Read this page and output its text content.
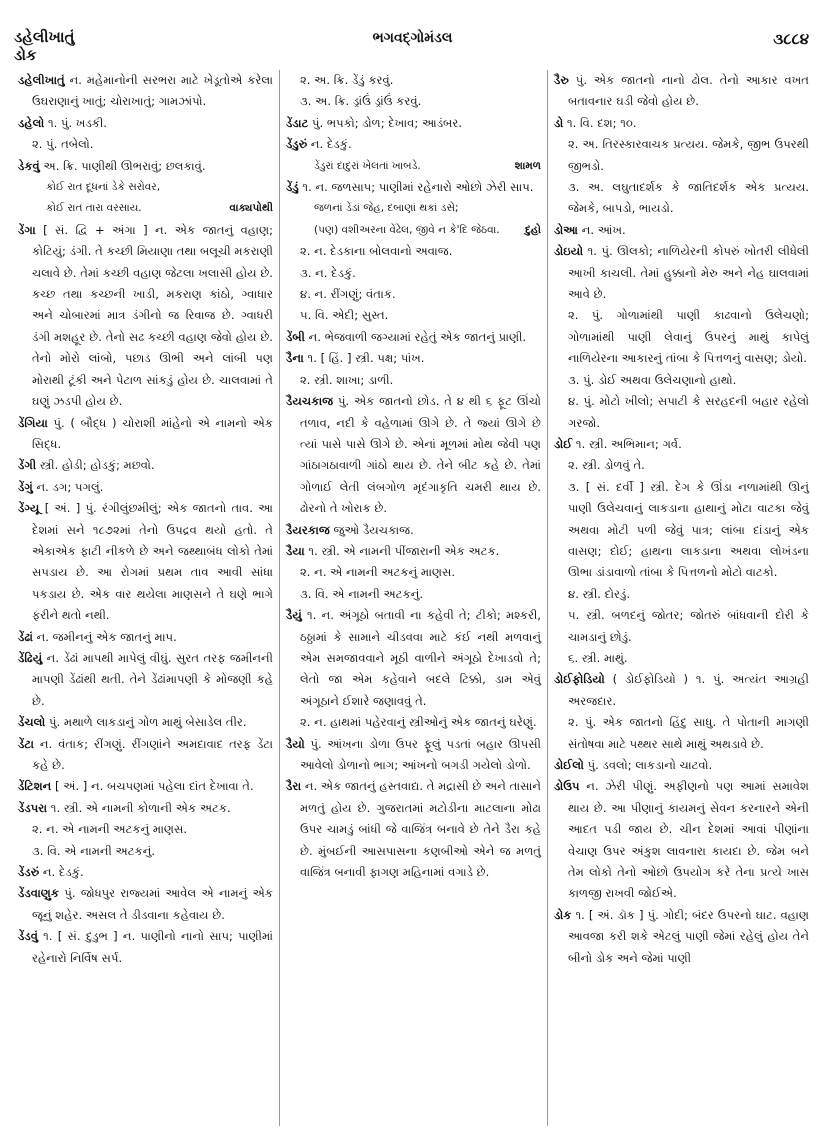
ડહેલીખાતું
ડોક
ભગવદ્ગોમંડલ	૩૮૮૪

ડહેલીખાતું ન. મહેમાનોની સરભરા માટે ખેડૂતોએ કરેલા ઉઘરાણાનું ખાતું; ચોરાખાતું; ગામઝાંપો.

ડહેલો ૧. પું. ખડકી.

૨. પું. તબેલો.

ડેકવું અ. ક્રિ. પાણીથી ઊભરાવું; છલકાવું.

કોઈ રાત દૂધનાં ડેકે સરોવર,

વાક્યપોથી
કોઈ રાત તારા વરસાય.

ડેંગા [ સં. દ્વિ + અંગા ] ન. એક જાતનું વહાણ; કોટિયું; ડંગી. તે કચ્છી મિયાણા તથા બલૂચી મકરાણી ચલાવે છે. તેમાં કચ્છી વહાણ જેટલા ખલાસી હોય છે. કચ્છ તથા કચ્છની ખાડી, મકરાણ કાંઠો, ગ્વાધાર અને ચોબારમાં માત્ર ડંગીનો જ રિવાજ છે. ગ્વાધરી ડંગી મશહૂર છે. તેનો સઢ કચ્છી વહાણ જેવો હોય છે. તેનો મોરો લાંબો, પછાડ ઊભી અને લાંબી પણ મોરાથી ટૂંકી અને પેટાળ સાંકડું હોય છે. ચાલવામાં તે ઘણું ઝડપી હોય છે.

ડેંગિયા પું. ( બૌદ્ધ ) ચોરાશી માંહેનો એ નામનો એક સિદ્ધ.

ડેંગી સ્ત્રી. હોડી; હોડકું; મછવો.

ડેંગું ન. ડગ; પગલું.

ડેંગ્યૂ [ અં. ] પું. રંગીલુંછમીલું; એક જાતનો તાવ. આ દેશમાં સને ૧૮૭૨માં તેનો ઉપદ્રવ થયો હતો. તે એકાએક ફાટી નીકળે છે અને જથ્થાબંધ લોકો તેમાં સપડાય છે. આ રોગમાં પ્રથમ તાવ આવી સાંધા પકડાય છે. એક વાર થયેલા માણસને તે ઘણે ભાગે ફરીને થતો નથી.

ડેંઢાં ન. જમીનનું એક જાતનું માપ.

ડેંઢિયું ન. ડેંઢાં માપથી માપેલું વીઘું. સુરત તરફ જમીનની માપણી ડેંઢાંથી થતી. તેને ડેંઢાંમાપણી કે મોજણી કહે છે.

ડેંચલો પું. મથાળે લાકડાનું ગોળ માથું બેસાડેલ તીર.

ડેંટા ન. વંતાક; રીંગણું. રીંગણાંને અમદાવાદ તરફ ડેંટા કહે છે.

ડેંટિશન [ અં. ] ન. બચપણમાં પહેલા દાંત દેખાવા તે.

ડેંડપરા ૧. સ્ત્રી. એ નામની કોળાની એક અટક.

૨. ન. એ નામની અટકનું માણસ.

૩. વિ. એ નામની અટકનું.

ડેંડરું ન. દેડકું.

ડેંડવાણુક પું. જોધપુર રાજ્યમાં આવેલ એ નામનું એક જૂનું શહેર. અસલ તે ડીડવાના કહેવાય છે.

ડેંડવું ૧. [ સં. દુડુભ ] ન. પાણીનો નાનો સાપ; પાણીમાં રહેનારો નિર્વિષ સર્પ.

૨. અ. ક્રિ. ડેંડું કરવું.

૩. અ. ક્રિ. ડ્રાંઉં ડ્રાંઉં કરવું.

ડેંડાટ પું. ભપકો; ડોળ; દેખાવ; આડંબર.

ડેંડુરું ન. દેડકું.

શામળ
ડેંડુરાં દાદુરાં ખેલતાં ખાબડે.

ડેંડું ૧. ન. જળસાપ; પાણીમાં રહેનારો ઓછો ઝેરી સાપ.

જળનાં ડેંડાં જેહ, દબાણાં થકાં ડસે;

દુહો
(પણ) વશીઅરના વેંઢેલ, જીવે ન કે'દિ જેઠવા.

૨. ન. દેડકાના બોલવાનો અવાજ.

૩. ન. દેડકું.

૪. ન. રીંગણું; વંતાક.

૫. વિ. એદી; સુસ્ત.

ડેંબી ન. ભેજવાળી જગ્યામાં રહેતું એક જાતનું પ્રાણી.

ડૈના ૧. [ હિં. ] સ્ત્રી. પક્ષ; પાંખ.

૨. સ્ત્રી. શાખા; ડાળી.

ડૈયચકાજ પું. એક જાતનો છોડ. તે ૪ થી ૬ ફૂટ ઊંચો તળાવ, નદી કે વહેળામાં ઊગે છે. તે જ્યાં ઊગે છે ત્યાં પાસે પાસે ઊગે છે. એનાં મૂળમાં મોથ જેવી પણ ગાંઠાગઠાવાળી ગાંઠો થાય છે. તેને બીટ કહે છે. તેમાં ગોળાઈ લેતી લંબગોળ મૃદંગાકૃતિ ચમરી થાય છે. ઢોરનો તે ખોરાક છે.

ડૈયરકાજ જુઓ ડૈયચકાજ.

ડૈયા ૧. સ્ત્રી. એ નામની પીંજારાની એક અટક.

૨. ન. એ નામની અટકનું માણસ.

૩. વિ. એ નામની અટકનું.

ડૈયું ૧. ન. અંગૂઠો બતાવી ના કહેવી તે; ટીકો; મશ્કરી, ઠઠ્ઠામાં કે સામાને ચીડવવા માટે કંઈ નથી મળવાનું એમ સમજાવવાને મૂઠી વાળીને અંગૂઠો દેખાડવો તે; લેતો જા એમ કહેવાને બદલે ટિક્કો, ડામ એવું અંગૂઠાને ઈશારે જણાવવું તે.

૨. ન. હાથમાં પહેરવાનું સ્ત્રીઓનું એક જાતનું ઘરેણું.

ડૈયો પું. આંખના ડોળા ઉપર ફૂલું પડતાં બહાર ઊપસી આવેલો ડોળાનો ભાગ; આંખનો બગડી ગયેલો ડોળો.

ડૈરા ન. એક જાતનું હસ્તવાદ્ય. તે મદ્રાસી છે અને તાસાને મળતું હોય છે. ગુજરાતમાં મટોડીના માટલાના મોઢા ઉપર ચામડું બાંધી જે વાજિંત્ર બનાવે છે તેને ડૈરા કહે છે. મુંબઈની આસપાસના કણબીઓ એને જ મળતું વાજિંત્ર બનાવી ફાગણ મહિનામાં વગાડે છે.

ડૈરુ પું. એક જાતનો નાનો ઢોલ. તેનો આકાર વખત બતાવનાર ઘડી જેવો હોય છે.

ડો ૧. વિ. દશ; ૧૦.

૨. અ. તિરસ્કારવાચક પ્રત્યય. જેમકે, જીભ ઉપરથી જીભડો.

૩. અ. લઘુતાદર્શક કે જાતિદર્શક એક પ્રત્યય. જેમકે, બાપડો, ભાયડો.

ડોઆ ન. આંખ.

ડોઇયો ૧. પું. ઊલકો; નાળિયેરની કોપરું ખોતરી લીધેલી આખી કાચલી. તેમાં હુક્કાનો મેરુ અને નેહ ઘાલવામાં આવે છે.

૨. પું. ગોળામાંથી પાણી કાઢવાનો ઉલેચણો; ગોળામાંથી પાણી લેવાનું ઉપરનું માથું કાપેલું નાળિયેરના આકારનું તાંબા કે પિત્તળનું વાસણ; ડોયો.

૩. પું. ડોઈ અથવા ઉલેચણાનો હાથો.

૪. પું. મોટો ખીલો; સપાટી કે સરહદની બહાર રહેલો ગરજો.

ડોઈ ૧. સ્ત્રી. અભિમાન; ગર્વ.

૨. સ્ત્રી. ડોળવું તે.

૩. [ સં. દર્વી ] સ્ત્રી. દેગ કે ઊંડા નળામાંથી ઊનું પાણી ઉલેચવાનું લાકડાના હાથાનું મોટા વાટકા જેવું અથવા મોટી પળી જેવું પાત્ર; લાંબા દાંડાનું એક વાસણ; દોઈ; હાથના લાકડાના અથવા લોખંડના ઊભા ડાંડાવાળો તાંબા કે પિત્તળનો મોટો વાટકો.

૪. સ્ત્રી. દોરડું.

૫. સ્ત્રી. બળદનું જોતર; જોતરું બાંધવાની દોરી કે ચામડાનું છોડું.

૬. સ્ત્રી. માથું.

ડોઈફોડિયો ( ડોઈફોડિયો ) ૧. પું. અત્યંત આગ્રહી અરજદાર.

૨. પું. એક જાતનો હિંદુ સાધુ. તે પોતાની માગણી સંતોષવા માટે પથ્થર સાથે માથું અથડાવે છે.

ડોઈલો પું. ડવલો; લાકડાનો ચાટવો.

ડોઉપ ન. ઝેરી પીણું. અફીણનો પણ આમાં સમાવેશ થાય છે. આ પીણાનું કાયમનું સેવન કરનારને એની આદત પડી જાય છે. ચીન દેશમાં આવાં પીણાંના વેચાણ ઉપર અંકુશ લાવનારા કાયદા છે. જેમ બને તેમ લોકો તેનો ઓછો ઉપયોગ કરે તેના પ્રત્યે ખાસ કાળજી રાખવી જોઈએ.

ડોક ૧. [ અં. ડૉક ] પું. ગોદી; બંદર ઉપરનો ઘાટ. વહાણ આવજા કરી શકે એટલું પાણી જેમાં રહેલું હોય તેને બીનો ડોક અને જેમાં પાણી
